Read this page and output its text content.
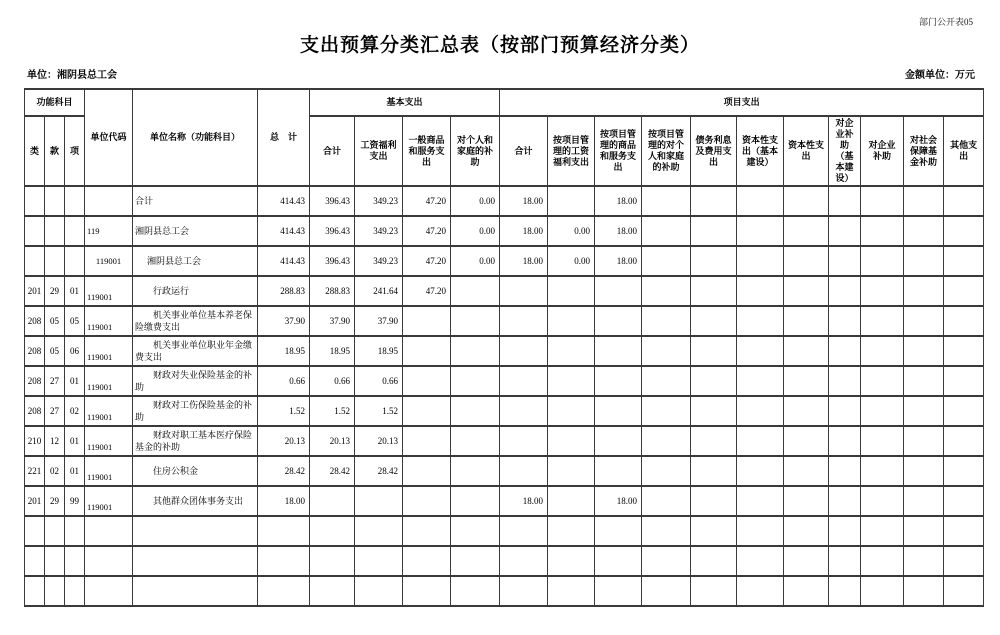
部门公开表05
支出预算分类汇总表（按部门预算经济分类）
单位：湘阴县总工会	金额单位：万元
功能科目			单位代码	单位名称（功能科目）	总　计	基本支出				项目支出										
类	款	项				合计	工资福利支出	一般商品和服务支出	对个人和家庭的补助	合计	按项目管理的工资福利支出	按项目管理的商品和服务支出	按项目管理的对个人和家庭的补助	债务利息及费用支出	资本性支出（基本建设）	资本性支出	对企业补助（基本建设）	对企业补助	对社会保障基金补助	其他支出
				合计	414.43	396.43	349.23	47.20	0.00	18.00		18.00								
			119	湘阴县总工会	414.43	396.43	349.23	47.20	0.00	18.00	0.00	18.00								
			119001	湘阴县总工会	414.43	396.43	349.23	47.20	0.00	18.00	0.00	18.00								
201	29	01	119001	行政运行	288.83	288.83	241.64	47.20												
208	05	05	119001	机关事业单位基本养老保险缴费支出	37.90	37.90	37.90													
208	05	06	119001	机关事业单位职业年金缴费支出	18.95	18.95	18.95													
208	27	01	119001	财政对失业保险基金的补助	0.66	0.66	0.66													
208	27	02	119001	财政对工伤保险基金的补助	1.52	1.52	1.52													
210	12	01	119001	财政对职工基本医疗保险基金的补助	20.13	20.13	20.13													
221	02	01	119001	住房公积金	28.42	28.42	28.42													
201	29	99	119001	其他群众团体事务支出	18.00					18.00		18.00								
